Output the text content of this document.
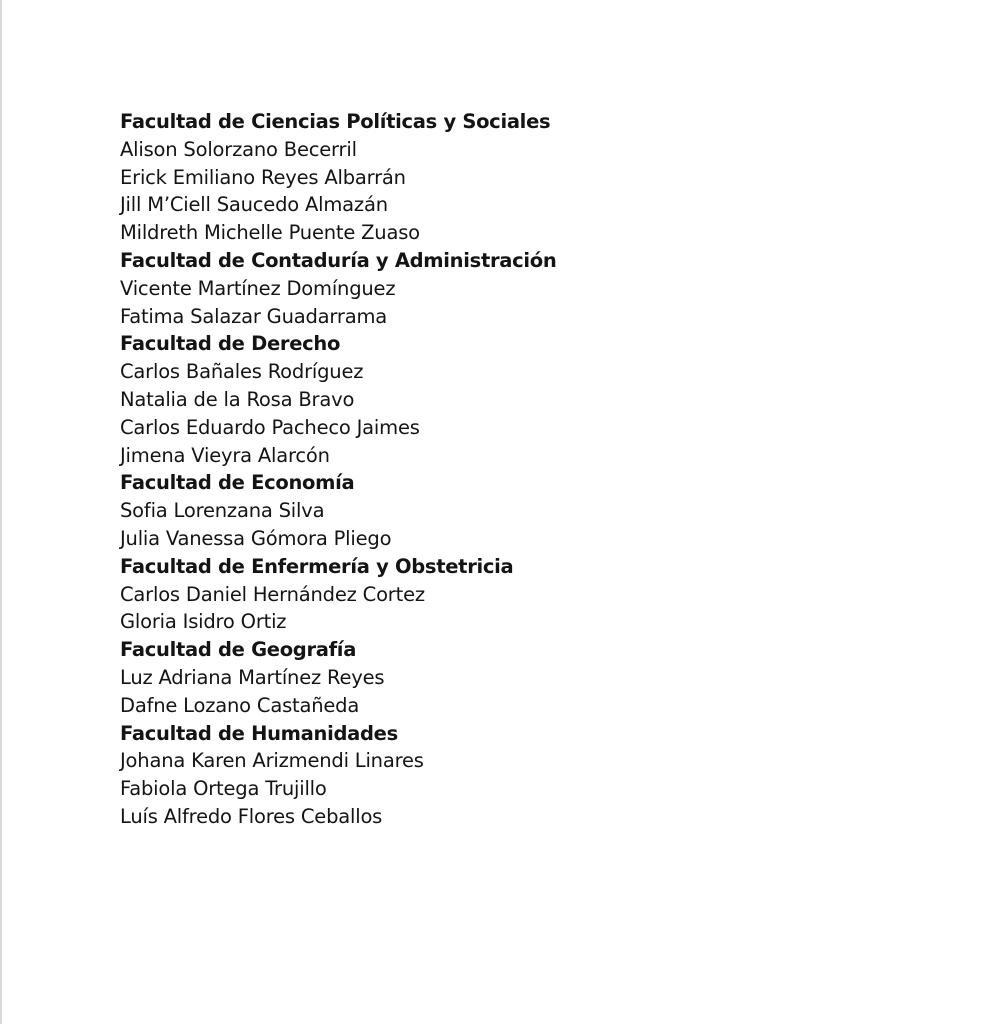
Facultad de Ciencias Políticas y Sociales
Alison Solorzano Becerril
Erick Emiliano Reyes Albarrán
Jill M’Ciell Saucedo Almazán
Mildreth Michelle Puente Zuaso
Facultad de Contaduría y Administración
Vicente Martínez Domínguez
Fatima Salazar Guadarrama
Facultad de Derecho
Carlos Bañales Rodríguez
Natalia de la Rosa Bravo
Carlos Eduardo Pacheco Jaimes
Jimena Vieyra Alarcón
Facultad de Economía
Sofia Lorenzana Silva
Julia Vanessa Gómora Pliego
Facultad de Enfermería y Obstetricia
Carlos Daniel Hernández Cortez
Gloria Isidro Ortiz
Facultad de Geografía
Luz Adriana Martínez Reyes
Dafne Lozano Castañeda
Facultad de Humanidades
Johana Karen Arizmendi Linares
Fabiola Ortega Trujillo
Luís Alfredo Flores Ceballos
